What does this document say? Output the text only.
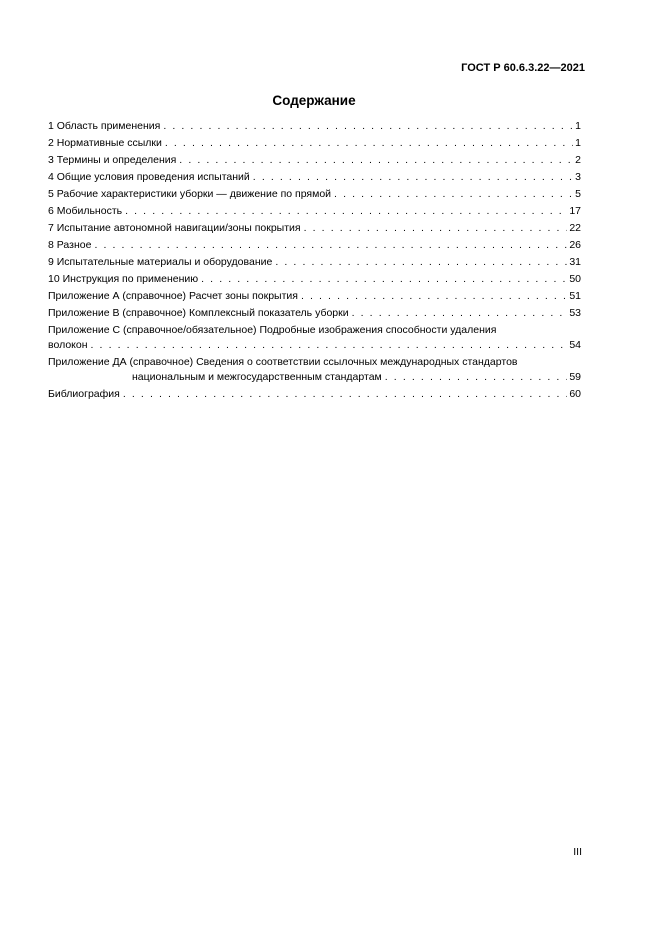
ГОСТ Р 60.6.3.22—2021
Содержание
1 Область применения . . .	1
2 Нормативные ссылки . . .	1
3 Термины и определения . . .	2
4 Общие условия проведения испытаний . . .	3
5 Рабочие характеристики уборки — движение по прямой . . .	5
6 Мобильность . . .	17
7 Испытание автономной навигации/зоны покрытия . . .	22
8 Разное . . .	26
9 Испытательные материалы и оборудование . . .	31
10 Инструкция по применению . . .	50
Приложение А (справочное) Расчет зоны покрытия . . .	51
Приложение В (справочное) Комплексный показатель уборки . . .	53
Приложение С (справочное/обязательное) Подробные изображения способности удаления
волокон . . .	54
Приложение ДА (справочное) Сведения о соответствии ссылочных международных стандартов
национальным и межгосударственным стандартам . . .	59
Библиография . . .	60
III
